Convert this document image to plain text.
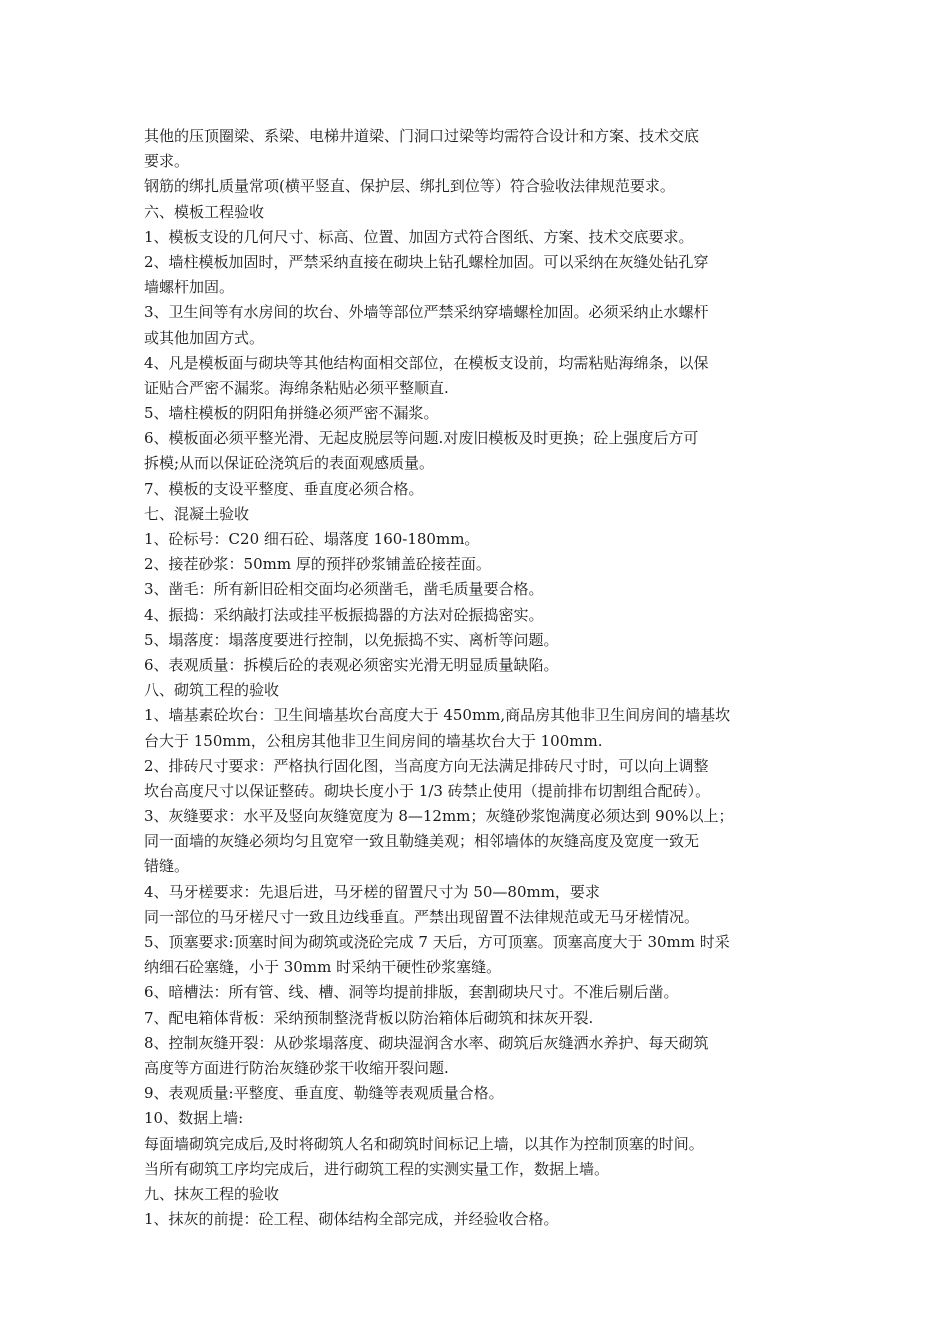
其他的压顶圈梁、系梁、电梯井道梁、门洞口过梁等均需符合设计和方案、技术交底
要求。
钢筋的绑扎质量常项(横平竖直、保护层、绑扎到位等）符合验收法律规范要求。
六、模板工程验收
1、模板支设的几何尺寸、标高、位置、加固方式符合图纸、方案、技术交底要求。
2、墙柱模板加固时，严禁采纳直接在砌块上钻孔螺栓加固。可以采纳在灰缝处钻孔穿
墙螺杆加固。
3、卫生间等有水房间的坎台、外墙等部位严禁采纳穿墙螺栓加固。必须采纳止水螺杆
或其他加固方式。
4、凡是模板面与砌块等其他结构面相交部位，在模板支设前，均需粘贴海绵条，以保
证贴合严密不漏浆。海绵条粘贴必须平整顺直.
5、墙柱模板的阴阳角拼缝必须严密不漏浆。
6、模板面必须平整光滑、无起皮脱层等问题.对废旧模板及时更换；砼上强度后方可
拆模;从而以保证砼浇筑后的表面观感质量。
7、模板的支设平整度、垂直度必须合格。
七、混凝土验收
1、砼标号：C20 细石砼、塌落度 160-180mm。
2、接茬砂浆：50mm 厚的预拌砂浆铺盖砼接茬面。
3、凿毛：所有新旧砼相交面均必须凿毛，凿毛质量要合格。
4、振捣：采纳敲打法或挂平板振捣器的方法对砼振捣密实。
5、塌落度：塌落度要进行控制，以免振捣不实、离析等问题。
6、表观质量：拆模后砼的表观必须密实光滑无明显质量缺陷。
八、砌筑工程的验收
1、墙基素砼坎台：卫生间墙基坎台高度大于 450mm,商品房其他非卫生间房间的墙基坎
台大于 150mm，公租房其他非卫生间房间的墙基坎台大于 100mm.
2、排砖尺寸要求：严格执行固化图，当高度方向无法满足排砖尺寸时，可以向上调整
坎台高度尺寸以保证整砖。砌块长度小于 1/3 砖禁止使用（提前排布切割组合配砖）。
3、灰缝要求：水平及竖向灰缝宽度为 8—12mm；灰缝砂浆饱满度必须达到 90%以上；
同一面墙的灰缝必须均匀且宽窄一致且勒缝美观；相邻墙体的灰缝高度及宽度一致无
错缝。
4、马牙槎要求：先退后进，马牙槎的留置尺寸为 50—80mm，要求
同一部位的马牙槎尺寸一致且边线垂直。严禁出现留置不法律规范或无马牙槎情况。
5、顶塞要求:顶塞时间为砌筑或浇砼完成 7 天后，方可顶塞。顶塞高度大于 30mm 时采
纳细石砼塞缝，小于 30mm 时采纳干硬性砂浆塞缝。
6、暗槽法：所有管、线、槽、洞等均提前排版，套割砌块尺寸。不准后剔后凿。
7、配电箱体背板：采纳预制整浇背板以防治箱体后砌筑和抹灰开裂.
8、控制灰缝开裂：从砂浆塌落度、砌块湿润含水率、砌筑后灰缝洒水养护、每天砌筑
高度等方面进行防治灰缝砂浆干收缩开裂问题.
9、表观质量:平整度、垂直度、勒缝等表观质量合格。
10、数据上墙:
每面墙砌筑完成后,及时将砌筑人名和砌筑时间标记上墙，以其作为控制顶塞的时间。
当所有砌筑工序均完成后，进行砌筑工程的实测实量工作，数据上墙。
九、抹灰工程的验收
1、抹灰的前提：砼工程、砌体结构全部完成，并经验收合格。
